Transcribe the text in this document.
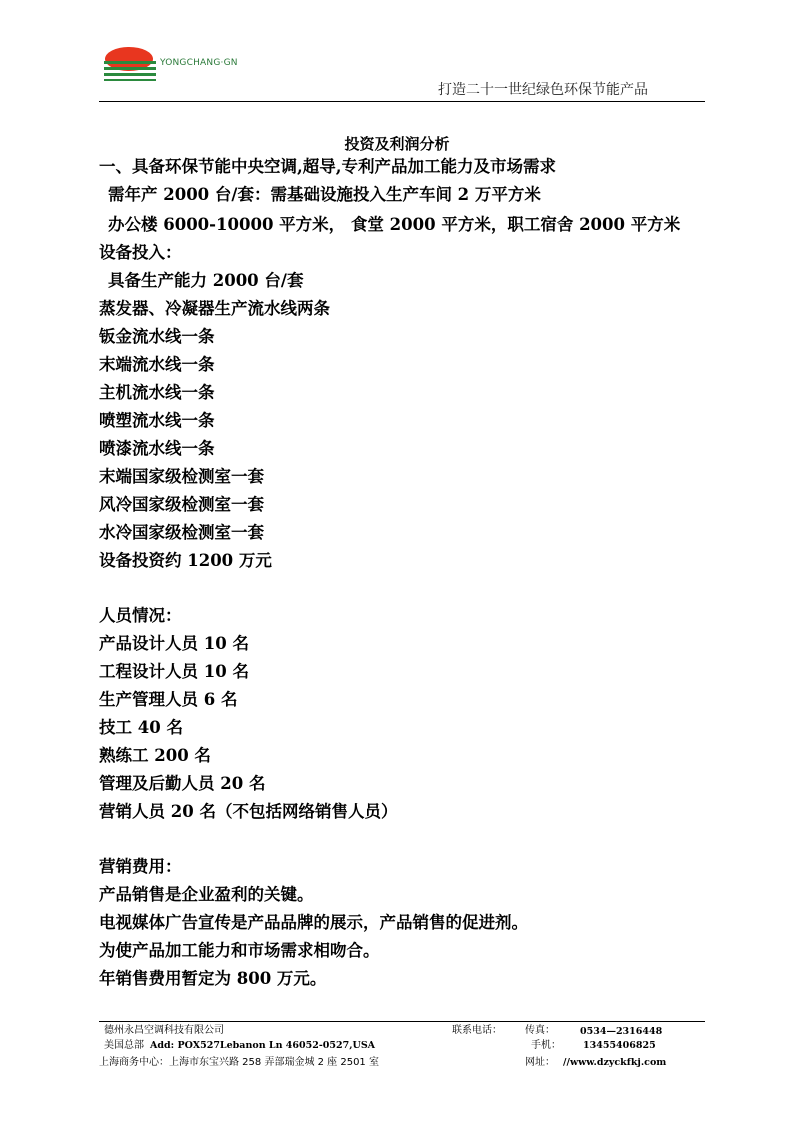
YONGCHANG·GN
打造二十一世纪绿色环保节能产品
投资及利润分析
一、具备环保节能中央空调,超导,专利产品加工能力及市场需求
需年产 2000 台/套：需基础设施投入生产车间 2 万平方米
办公楼 6000-10000 平方米， 食堂 2000 平方米，职工宿舍 2000 平方米
设备投入：
具备生产能力 2000 台/套
蒸发器、冷凝器生产流水线两条
钣金流水线一条
末端流水线一条
主机流水线一条
喷塑流水线一条
喷漆流水线一条
末端国家级检测室一套
风冷国家级检测室一套
水冷国家级检测室一套
设备投资约 1200 万元
人员情况：
产品设计人员 10 名
工程设计人员 10 名
生产管理人员 6 名
技工 40 名
熟练工 200 名
管理及后勤人员 20 名
营销人员 20 名（不包括网络销售人员）
营销费用：
产品销售是企业盈利的关键。
电视媒体广告宣传是产品品牌的展示，产品销售的促进剂。
为使产品加工能力和市场需求相吻合。
年销售费用暂定为 800 万元。
德州永昌空调科技有限公司
美国总部 Add: POX527Lebanon Ln 46052-0527,USA
上海商务中心：上海市东宝兴路 258 弄部瑞金城 2 座 2501 室
联系电话： 传真：	0534—2316448
手机： 13455406825
网址： //www.dzyckfkj.com
